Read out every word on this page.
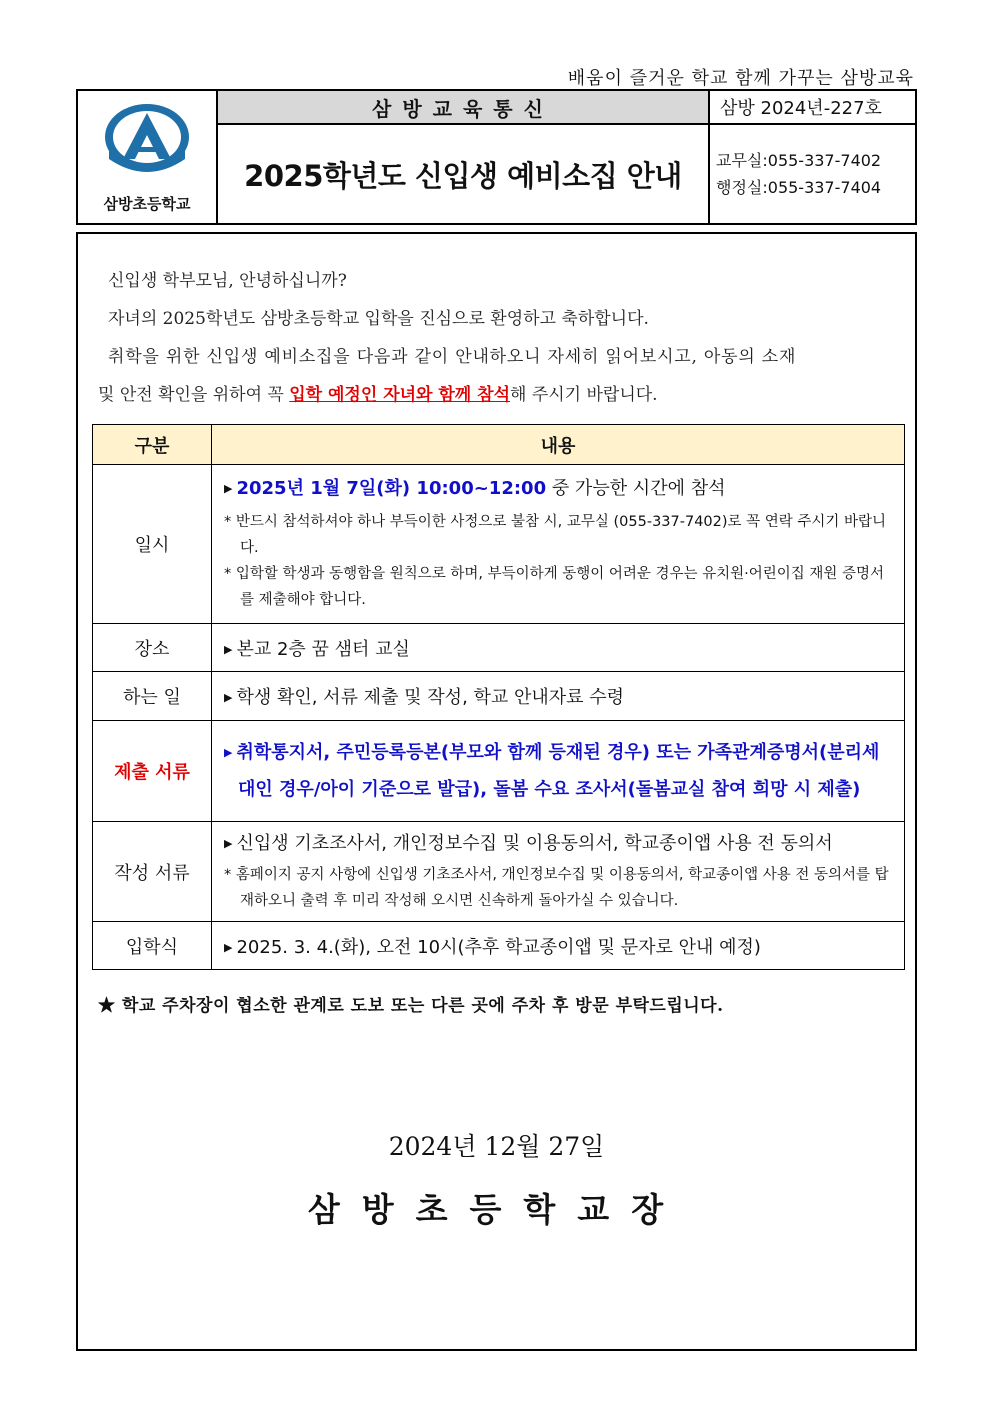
배움이 즐거운 학교 함께 가꾸는 삼방교육
삼방초등학교
삼방교육통신
2025학년도 신입생 예비소집 안내
삼방 2024년-227호
교무실:055-337-7402
행정실:055-337-7404

신입생 학부모님, 안녕하십니까?

자녀의 2025학년도 삼방초등학교 입학을 진심으로 환영하고 축하합니다.

취학을 위한 신입생 예비소집을 다음과 같이 안내하오니 자세히 읽어보시고, 아동의 소재

및 안전 확인을 위하여 꼭 입학 예정인 자녀와 함께 참석해 주시기 바랍니다.

구분	내용
일시	▶ 2025년 1월 7일(화) 10:00~12:00 중 가능한 시간에 참석
* 반드시 참석하셔야 하나 부득이한 사정으로 불참 시, 교무실 (055-337-7402)로 꼭 연락 주시기 바랍니다.
* 입학할 학생과 동행함을 원칙으로 하며, 부득이하게 동행이 어려운 경우는 유치원·어린이집 재원 증명서를 제출해야 합니다.

장소	▶ 본교 2층 꿈 샘터 교실
하는 일	▶ 학생 확인, 서류 제출 및 작성, 학교 안내자료 수령
제출 서류	▶ 취학통지서, 주민등록등본(부모와 함께 등재된 경우) 또는 가족관계증명서(분리세대인 경우/아이 기준으로 발급), 돌봄 수요 조사서(돌봄교실 참여 희망 시 제출)

작성 서류	▶ 신입생 기초조사서, 개인정보수집 및 이용동의서, 학교종이앱 사용 전 동의서
* 홈페이지 공지 사항에 신입생 기초조사서, 개인정보수집 및 이용동의서, 학교종이앱 사용 전 동의서를 탑재하오니 출력 후 미리 작성해 오시면 신속하게 돌아가실 수 있습니다.

입학식	▶ 2025. 3. 4.(화), 오전 10시(추후 학교종이앱 및 문자로 안내 예정)
★ 학교 주차장이 협소한 관계로 도보 또는 다른 곳에 주차 후 방문 부탁드립니다.
2024년 12월 27일
삼방초등학교장
